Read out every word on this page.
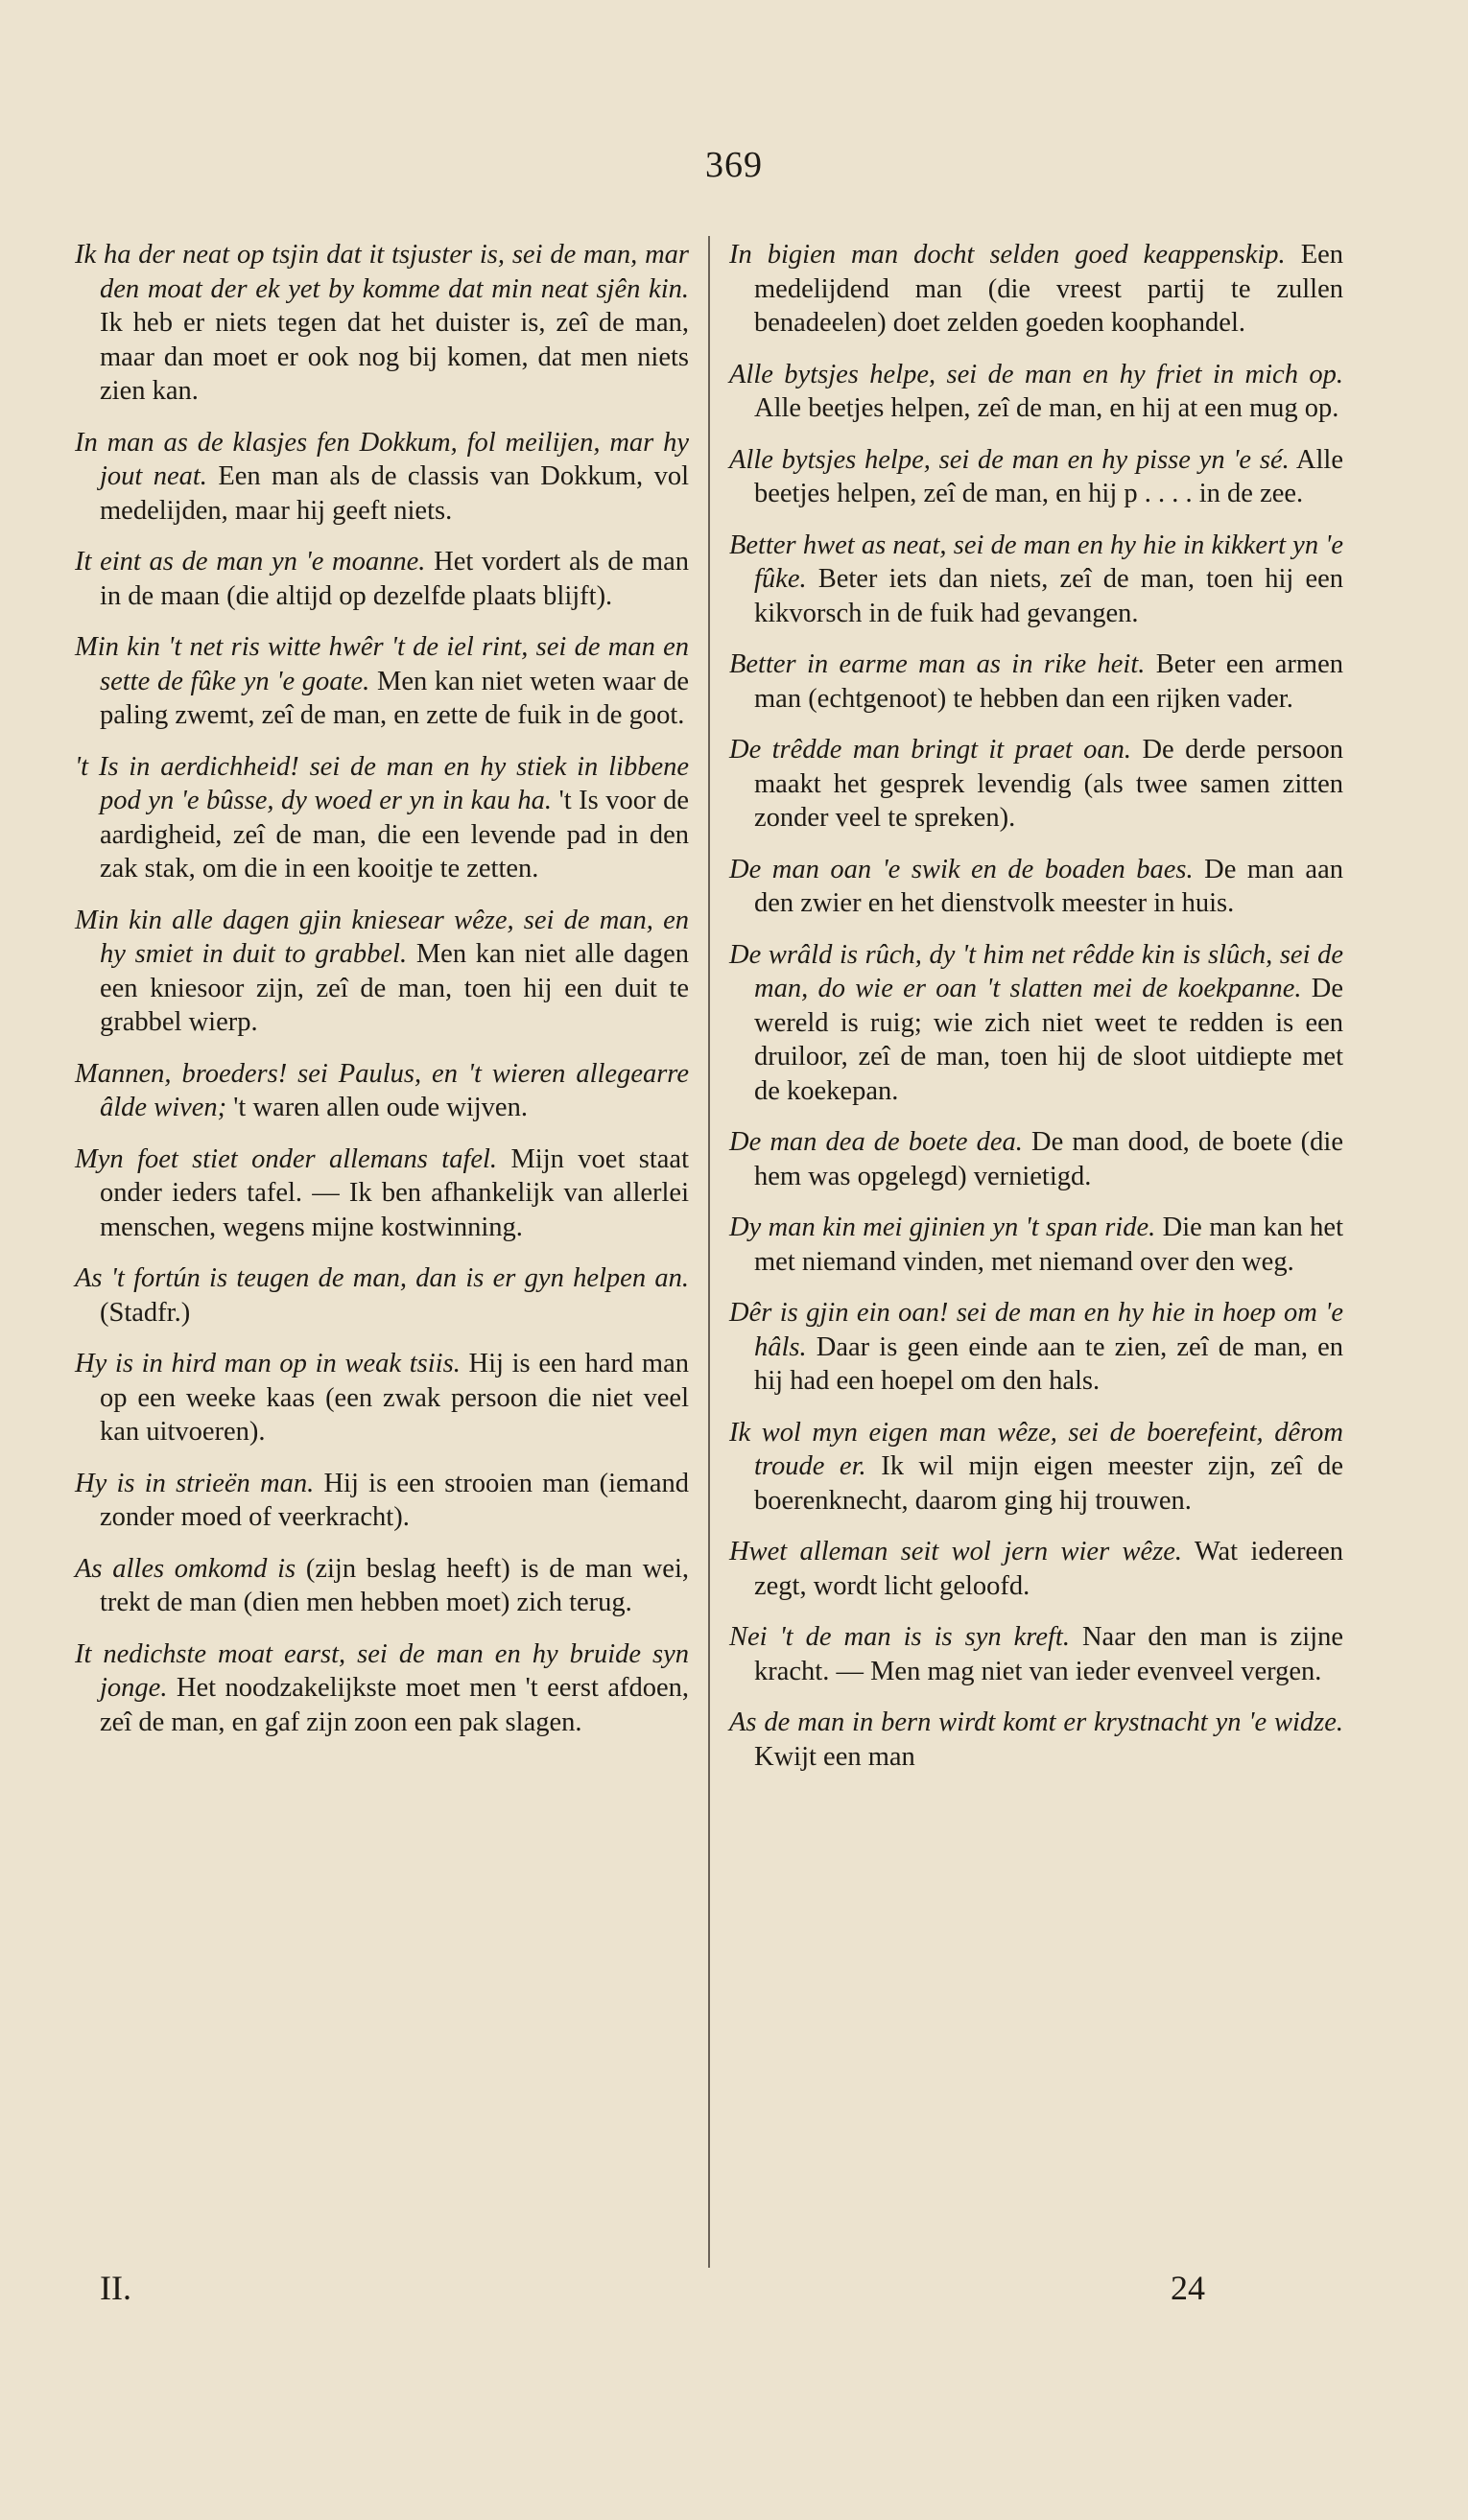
369

Ik ha der neat op tsjin dat it tsjuster is, sei de man, mar den moat der ek yet by komme dat min neat sjên kin. Ik heb er niets tegen dat het duister is, zeî de man, maar dan moet er ook nog bij komen, dat men niets zien kan.

In man as de klasjes fen Dokkum, fol meilijen, mar hy jout neat. Een man als de classis van Dokkum, vol medelijden, maar hij geeft niets.

It eint as de man yn 'e moanne. Het vordert als de man in de maan (die altijd op dezelfde plaats blijft).

Min kin 't net ris witte hwêr 't de iel rint, sei de man en sette de fûke yn 'e goate. Men kan niet weten waar de paling zwemt, zeî de man, en zette de fuik in de goot.

't Is in aerdichheid! sei de man en hy stiek in libbene pod yn 'e bûsse, dy woed er yn in kau ha. 't Is voor de aardigheid, zeî de man, die een levende pad in den zak stak, om die in een kooitje te zetten.

Min kin alle dagen gjin kniesear wêze, sei de man, en hy smiet in duit to grabbel. Men kan niet alle dagen een kniesoor zijn, zeî de man, toen hij een duit te grabbel wierp.

Mannen, broeders! sei Paulus, en 't wieren allegearre âlde wiven; 't waren allen oude wijven.

Myn foet stiet onder allemans tafel. Mijn voet staat onder ieders tafel. — Ik ben afhankelijk van allerlei menschen, wegens mijne kostwinning.

As 't fortún is teugen de man, dan is er gyn helpen an. (Stadfr.)

Hy is in hird man op in weak tsiis. Hij is een hard man op een weeke kaas (een zwak persoon die niet veel kan uitvoeren).

Hy is in strieën man. Hij is een strooien man (iemand zonder moed of veerkracht).

As alles omkomd is (zijn beslag heeft) is de man wei, trekt de man (dien men hebben moet) zich terug.

It nedichste moat earst, sei de man en hy bruide syn jonge. Het noodzakelijkste moet men 't eerst afdoen, zeî de man, en gaf zijn zoon een pak slagen.

In bigien man docht selden goed keappenskip. Een medelijdend man (die vreest partij te zullen benadeelen) doet zelden goeden koophandel.

Alle bytsjes helpe, sei de man en hy friet in mich op. Alle beetjes helpen, zeî de man, en hij at een mug op.

Alle bytsjes helpe, sei de man en hy pisse yn 'e sé. Alle beetjes helpen, zeî de man, en hij p . . . . in de zee.

Better hwet as neat, sei de man en hy hie in kikkert yn 'e fûke. Beter iets dan niets, zeî de man, toen hij een kikvorsch in de fuik had gevangen.

Better in earme man as in rike heit. Beter een armen man (echtgenoot) te hebben dan een rijken vader.

De trêdde man bringt it praet oan. De derde persoon maakt het gesprek levendig (als twee samen zitten zonder veel te spreken).

De man oan 'e swik en de boaden baes. De man aan den zwier en het dienstvolk meester in huis.

De wrâld is rûch, dy 't him net rêdde kin is slûch, sei de man, do wie er oan 't slatten mei de koekpanne. De wereld is ruig; wie zich niet weet te redden is een druiloor, zeî de man, toen hij de sloot uitdiepte met de koekepan.

De man dea de boete dea. De man dood, de boete (die hem was opgelegd) vernietigd.

Dy man kin mei gjinien yn 't span ride. Die man kan het met niemand vinden, met niemand over den weg.

Dêr is gjin ein oan! sei de man en hy hie in hoep om 'e hâls. Daar is geen einde aan te zien, zeî de man, en hij had een hoepel om den hals.

Ik wol myn eigen man wêze, sei de boerefeint, dêrom troude er. Ik wil mijn eigen meester zijn, zeî de boerenknecht, daarom ging hij trouwen.

Hwet alleman seit wol jern wier wêze. Wat iedereen zegt, wordt licht geloofd.

Nei 't de man is is syn kreft. Naar den man is zijne kracht. — Men mag niet van ieder evenveel vergen.

As de man in bern wirdt komt er krystnacht yn 'e widze. Kwijt een man

II.	24
